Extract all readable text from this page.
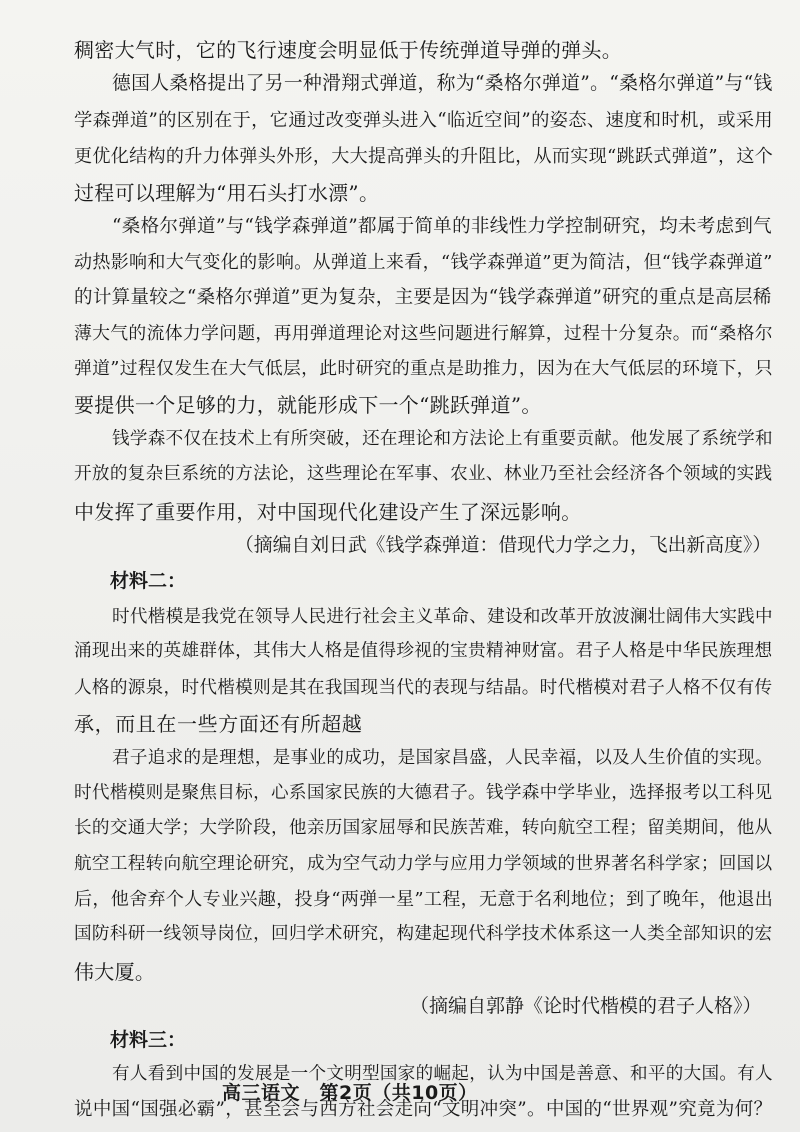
稠密大气时，它的飞行速度会明显低于传统弹道导弹的弹头。
德国人桑格提出了另一种滑翔式弹道，称为“桑格尔弹道”。“桑格尔弹道”与“钱
学森弹道”的区别在于，它通过改变弹头进入“临近空间”的姿态、速度和时机，或采用
更优化结构的升力体弹头外形，大大提高弹头的升阻比，从而实现“跳跃式弹道”，这个
过程可以理解为“用石头打水漂”。
“桑格尔弹道”与“钱学森弹道”都属于简单的非线性力学控制研究，均未考虑到气
动热影响和大气变化的影响。从弹道上来看，“钱学森弹道”更为简洁，但“钱学森弹道”
的计算量较之“桑格尔弹道”更为复杂，主要是因为“钱学森弹道”研究的重点是高层稀
薄大气的流体力学问题，再用弹道理论对这些问题进行解算，过程十分复杂。而“桑格尔
弹道”过程仅发生在大气低层，此时研究的重点是助推力，因为在大气低层的环境下，只
要提供一个足够的力，就能形成下一个“跳跃弹道”。
钱学森不仅在技术上有所突破，还在理论和方法论上有重要贡献。他发展了系统学和
开放的复杂巨系统的方法论，这些理论在军事、农业、林业乃至社会经济各个领域的实践
中发挥了重要作用，对中国现代化建设产生了深远影响。
（摘编自刘日武《钱学森弹道：借现代力学之力，飞出新高度》）
材料二：
时代楷模是我党在领导人民进行社会主义革命、建设和改革开放波澜壮阔伟大实践中
涌现出来的英雄群体，其伟大人格是值得珍视的宝贵精神财富。君子人格是中华民族理想
人格的源泉，时代楷模则是其在我国现当代的表现与结晶。时代楷模对君子人格不仅有传
承，而且在一些方面还有所超越
君子追求的是理想，是事业的成功，是国家昌盛，人民幸福，以及人生价值的实现。
时代楷模则是聚焦目标，心系国家民族的大德君子。钱学森中学毕业，选择报考以工科见
长的交通大学；大学阶段，他亲历国家屈辱和民族苦难，转向航空工程；留美期间，他从
航空工程转向航空理论研究，成为空气动力学与应用力学领域的世界著名科学家；回国以
后，他舍弃个人专业兴趣，投身“两弹一星”工程，无意于名利地位；到了晚年，他退出
国防科研一线领导岗位，回归学术研究，构建起现代科学技术体系这一人类全部知识的宏
伟大厦。
（摘编自郭静《论时代楷模的君子人格》）
材料三：
有人看到中国的发展是一个文明型国家的崛起，认为中国是善意、和平的大国。有人
说中国“国强必霸”，甚至会与西方社会走向“文明冲突”。中国的“世界观”究竟为何？
高三语文　第2页（共10页）
